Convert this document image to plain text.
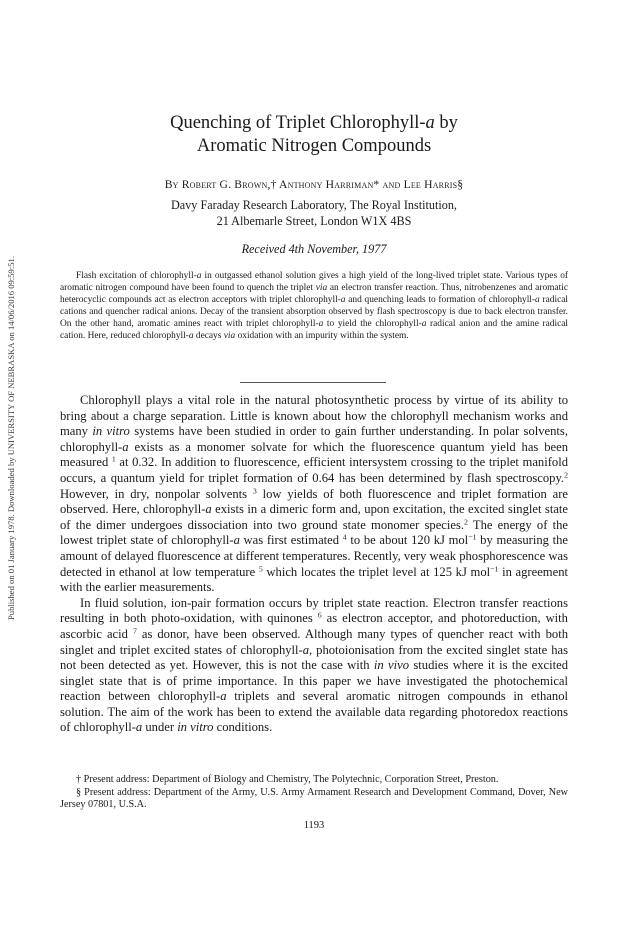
Published on 01 January 1978. Downloaded by UNIVERSITY OF NEBRASKA on 14/06/2016 09:59:51.
Quenching of Triplet Chlorophyll-a by
Aromatic Nitrogen Compounds
By Robert G. Brown,† Anthony Harriman* and Lee Harris§
Davy Faraday Research Laboratory, The Royal Institution,
21 Albemarle Street, London W1X 4BS
Received 4th November, 1977

Flash excitation of chlorophyll-a in outgassed ethanol solution gives a high yield of the long-lived triplet state. Various types of aromatic nitrogen compound have been found to quench the triplet via an electron transfer reaction. Thus, nitrobenzenes and aromatic heterocyclic compounds act as electron acceptors with triplet chlorophyll-a and quenching leads to formation of chlorophyll-a radical cations and quencher radical anions. Decay of the transient absorption observed by flash spectroscopy is due to back electron transfer. On the other hand, aromatic amines react with triplet chlorophyll-a to yield the chlorophyll-a radical anion and the amine radical cation. Here, reduced chlorophyll-a decays via oxidation with an impurity within the system.

Chlorophyll plays a vital role in the natural photosynthetic process by virtue of its ability to bring about a charge separation. Little is known about how the chlorophyll mechanism works and many in vitro systems have been studied in order to gain further understanding. In polar solvents, chlorophyll-a exists as a monomer solvate for which the fluorescence quantum yield has been measured $^1$ at 0.32. In addition to fluorescence, efficient intersystem crossing to the triplet manifold occurs, a quantum yield for triplet formation of 0.64 has been determined by flash spectroscopy.$^2$ However, in dry, nonpolar solvents $^3$ low yields of both fluorescence and triplet formation are observed. Here, chlorophyll-a exists in a dimeric form and, upon excitation, the excited singlet state of the dimer undergoes dissociation into two ground state monomer species.$^2$ The energy of the lowest triplet state of chlorophyll-a was first estimated $^4$ to be about 120 kJ mol$^{-1}$ by measuring the amount of delayed fluorescence at different temperatures. Recently, very weak phosphorescence was detected in ethanol at low temperature $^5$ which locates the triplet level at 125 kJ mol$^{-1}$ in agreement with the earlier measurements.

In fluid solution, ion-pair formation occurs by triplet state reaction. Electron transfer reactions resulting in both photo-oxidation, with quinones $^6$ as electron acceptor, and photoreduction, with ascorbic acid $^7$ as donor, have been observed. Although many types of quencher react with both singlet and triplet excited states of chlorophyll-a, photoionisation from the excited singlet state has not been detected as yet. However, this is not the case with in vivo studies where it is the excited singlet state that is of prime importance. In this paper we have investigated the photochemical reaction between chlorophyll-a triplets and several aromatic nitrogen compounds in ethanol solution. The aim of the work has been to extend the available data regarding photoredox reactions of chlorophyll-a under in vitro conditions.

† Present address: Department of Biology and Chemistry, The Polytechnic, Corporation Street, Preston.

§ Present address: Department of the Army, U.S. Army Armament Research and Development Command, Dover, New Jersey 07801, U.S.A.

1193
